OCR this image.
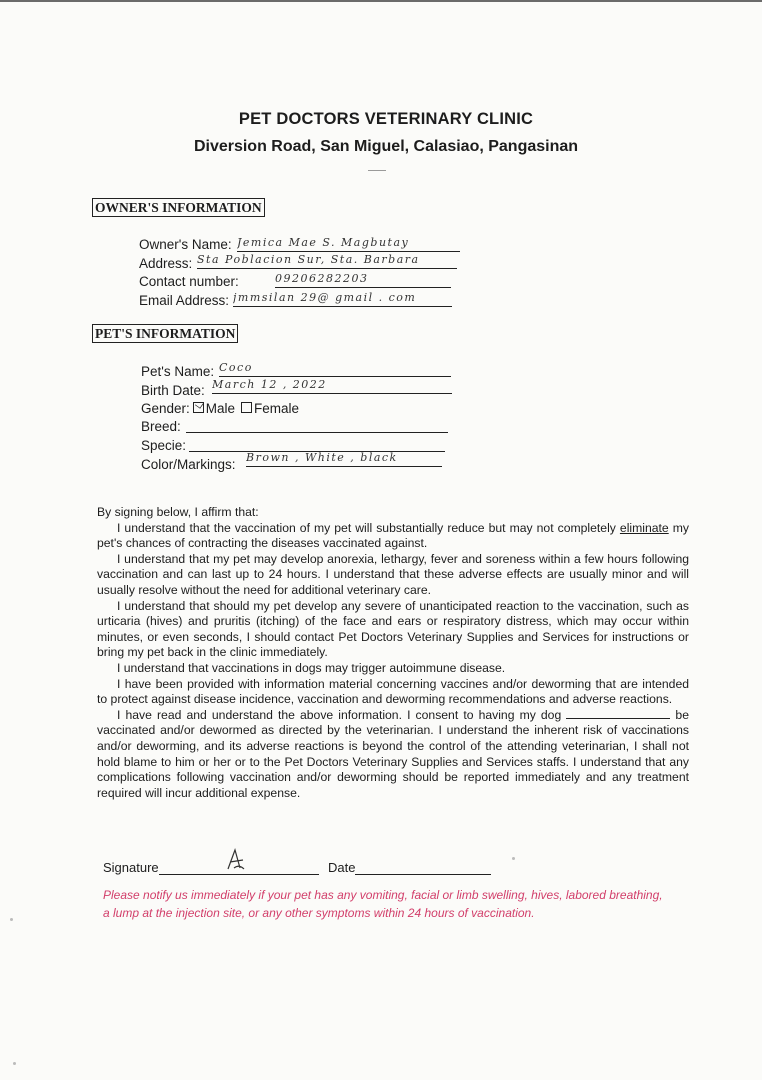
PET DOCTORS VETERINARY CLINIC
Diversion Road, San Miguel, Calasiao, Pangasinan
OWNER'S INFORMATION
Owner's Name: Jemica Mae S. Magbutay
Address: Sta Poblacion Sur, Sta. Barbara
Contact number:	09206282203
Email Address: jmmsilan 29@ gmail . com
PET'S INFORMATION
Pet's Name: Coco
Birth Date: March 12 , 2022
Gender: Male Female
Breed:
Specie:
Color/Markings: Brown , White , black

By signing below, I affirm that:

I understand that the vaccination of my pet will substantially reduce but may not completely eliminate my pet's chances of contracting the diseases vaccinated against.

I understand that my pet may develop anorexia, lethargy, fever and soreness within a few hours following vaccination and can last up to 24 hours. I understand that these adverse effects are usually minor and will usually resolve without the need for additional veterinary care.

I understand that should my pet develop any severe of unanticipated reaction to the vaccination, such as urticaria (hives) and pruritis (itching) of the face and ears or respiratory distress, which may occur within minutes, or even seconds, I should contact Pet Doctors Veterinary Supplies and Services for instructions or bring my pet back in the clinic immediately.

I understand that vaccinations in dogs may trigger autoimmune disease.

I have been provided with information material concerning vaccines and/or deworming that are intended to protect against disease incidence, vaccination and deworming recommendations and adverse reactions.

I have read and understand the above information. I consent to having my dog	be vaccinated and/or dewormed as directed by the veterinarian. I understand the inherent risk of vaccinations and/or deworming, and its adverse reactions is beyond the control of the attending veterinarian, I shall not hold blame to him or her or to the Pet Doctors Veterinary Supplies and Services staffs. I understand that any complications following vaccination and/or deworming should be reported immediately and any treatment required will incur additional expense.

Signature	Date
Please notify us immediately if your pet has any vomiting, facial or limb swelling, hives, labored breathing, a lump at the injection site, or any other symptoms within 24 hours of vaccination.
